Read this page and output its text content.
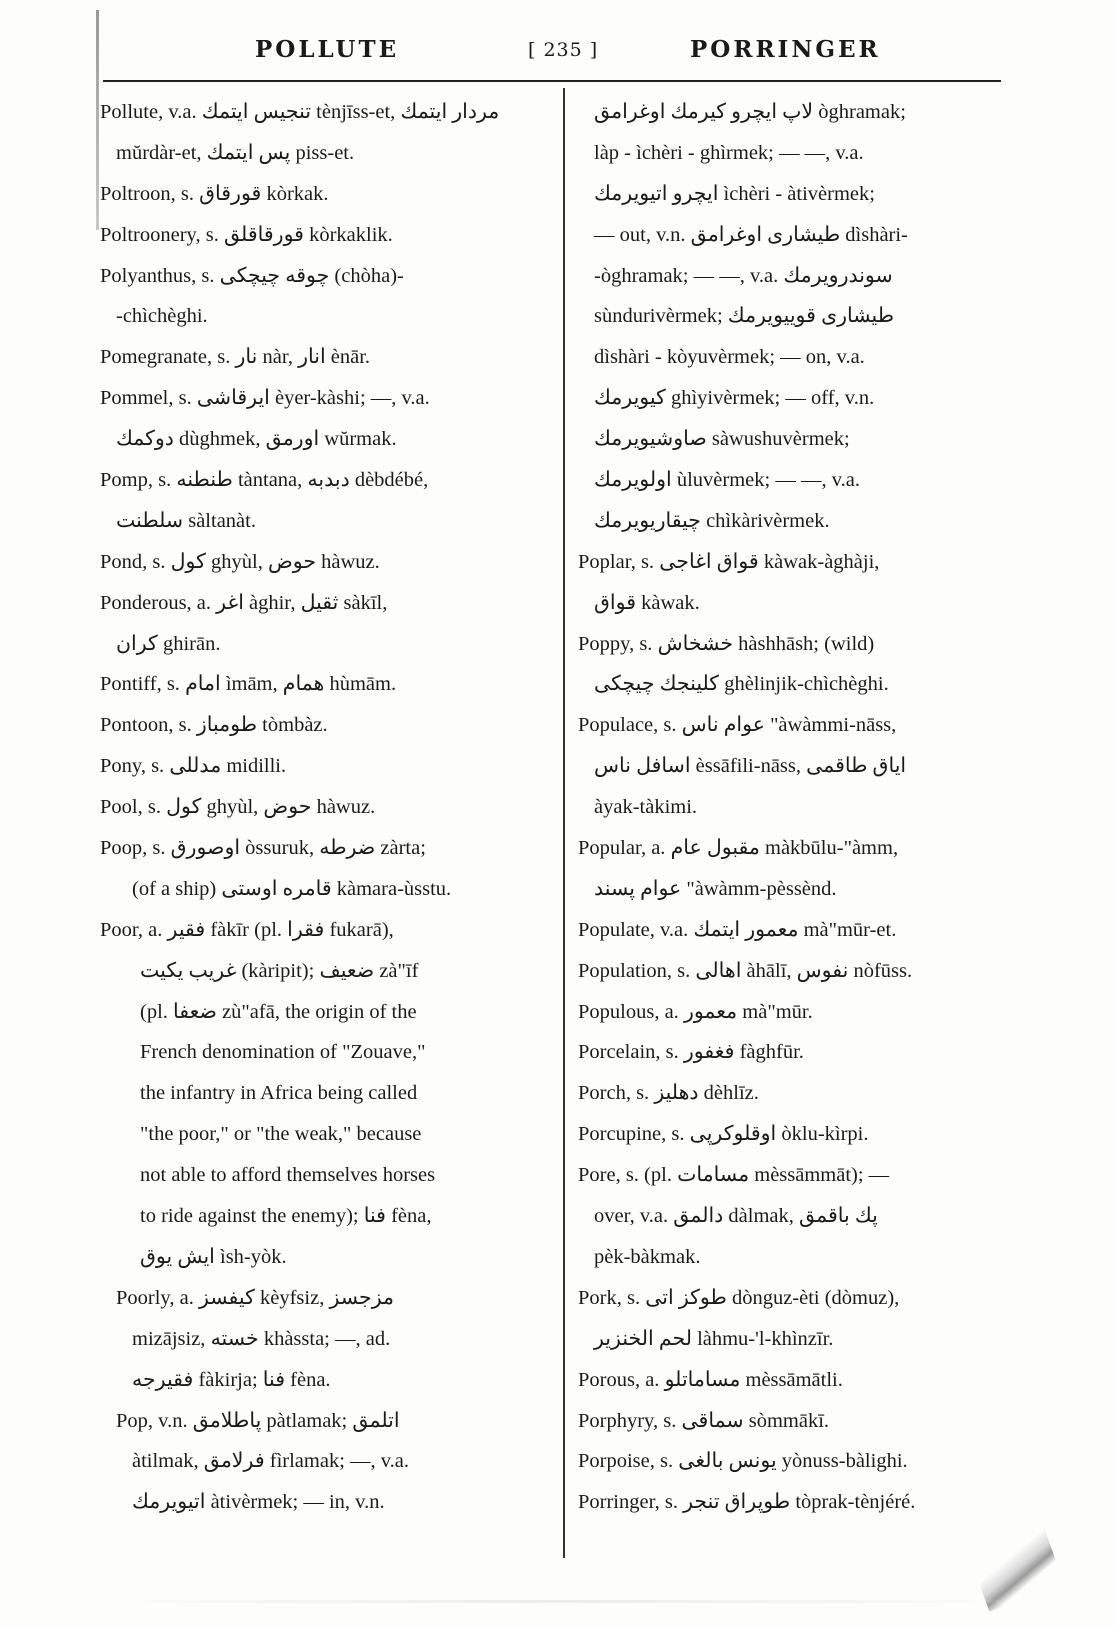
POLLUTE	[ 235 ]	PORRINGER
Pollute, v.a. تنجيس ايتمك tènjīss-et, مردار ايتمك
mŭrdàr-et, پس ايتمك piss-et.
Poltroon, s. قورقاق kòrkak.
Poltroonery, s. قورقاقلق kòrkaklik.
Polyanthus, s. چوقه چيچكى (chòha)-
-chìchèghi.
Pomegranate, s. نار nàr, انار ènār.
Pommel, s. ايرقاشى èyer-kàshi; —, v.a.
دوكمك dùghmek, اورمق wŭrmak.
Pomp, s. طنطنه tàntana, دبدبه dèbdébé,
سلطنت sàltanàt.
Pond, s. كول ghyùl, حوض hàwuz.
Ponderous, a. اغر àghir, ثقيل sàkīl,
كران ghirān.
Pontiff, s. امام ìmām, همام hùmām.
Pontoon, s. طومباز tòmbàz.
Pony, s. مدللى midilli.
Pool, s. كول ghyùl, حوض hàwuz.
Poop, s. اوصورق òssuruk, ضرطه zàrta;
(of a ship) قامره اوستى kàmara-ùsstu.
Poor, a. فقير fàkīr (pl. فقرا fukarā),
غريب يكيت (kàripit); ضعيف zà"īf
(pl. ضعفا zù"afā, the origin of the
French denomination of "Zouave,"
the infantry in Africa being called
"the poor," or "the weak," because
not able to afford themselves horses
to ride against the enemy); فنا fèna,
ايش يوق ìsh-yòk.
Poorly, a. كيفسز kèyfsiz, مزجسز
mizājsiz, خسته khàssta; —, ad.
فقيرجه fàkirja; فنا fèna.
Pop, v.n. پاطلامق pàtlamak; اتلمق
àtilmak, فرلامق fìrlamak; —, v.a.
اتيويرمك àtivèrmek; — in, v.n.
لاپ ايچرو كيرمك اوغرامق òghramak;
làp - ìchèri - ghìrmek; — —, v.a.
ايچرو اتيويرمك ìchèri - àtivèrmek;
— out, v.n. طيشارى اوغرامق dìshàri-
-òghramak; — —, v.a. سوندرويرمك
sùndurivèrmek; طيشارى قوييويرمك
dìshàri - kòyuvèrmek; — on, v.a.
كيويرمك ghìyivèrmek; — off, v.n.
صاوشيويرمك sàwushuvèrmek;
اولويرمك ùluvèrmek; — —, v.a.
چيقاريويرمك chìkàrivèrmek.
Poplar, s. قواق اغاجى kàwak-àghàji,
قواق kàwak.
Poppy, s. خشخاش hàshhāsh; (wild)
كلينجك چيچكى ghèlinjik-chìchèghi.
Populace, s. عوام ناس "àwàmmi-nāss,
اسافل ناس èssāfili-nāss, اياق طاقمى
àyak-tàkimi.
Popular, a. مقبول عام màkbūlu-"àmm,
عوام پسند "àwàmm-pèssènd.
Populate, v.a. معمور ايتمك mà"mūr-et.
Population, s. اهالى àhālī, نفوس nòfūss.
Populous, a. معمور mà"mūr.
Porcelain, s. فغفور fàghfūr.
Porch, s. دهليز dèhlīz.
Porcupine, s. اوقلوكرپى òklu-kìrpi.
Pore, s. (pl. مسامات mèssāmmāt); —
over, v.a. دالمق dàlmak, پك باقمق
pèk-bàkmak.
Pork, s. طوكز اتى dònguz-èti (dòmuz),
لحم الخنزير làhmu-'l-khìnzīr.
Porous, a. مساماتلو mèssāmātli.
Porphyry, s. سماقى sòmmākī.
Porpoise, s. يونس بالغى yònuss-bàlighi.
Porringer, s. طوپراق تنجر tòprak-tènjéré.
